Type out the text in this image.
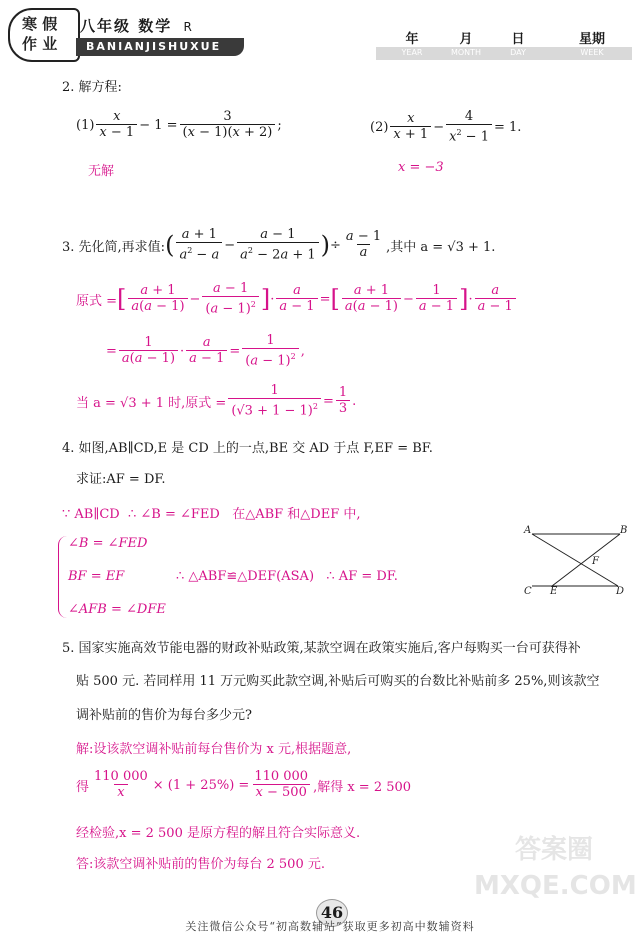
寒 假
作 业
八年级 数学 R
BANIANJISHUXUE	年	月	日	星期
YEAR	MONTH	DAY	WEEK
2. 解方程:
$(1) \frac{x}{x - 1} - 1 = \frac{3}{(x - 1)(x + 2)}$ ;	$(2) \frac{x}{x + 1} - \frac{4}{x^2 - 1} = 1$.
无解	x = −3
3. 先化简,再求值: ( $\frac{a + 1}{a^2 - a} - \frac{a - 1}{a^2 - 2a + 1}$ ) ÷ $\frac{a - 1}{a}$ ,其中 a = √3 + 1.
原式 = [ $\frac{a + 1}{a(a - 1)} - \frac{a - 1}{(a - 1)^2}$ ] · $\frac{a}{a - 1}$ = [ $\frac{a + 1}{a(a - 1)} - \frac{1}{a - 1}$ ] · $\frac{a}{a - 1}$
= $\frac{1}{a(a - 1)} \cdot \frac{a}{a - 1} = \frac{1}{(a - 1)^2}$ ,
当 a = √3 + 1 时,原式 = $\frac{1}{(√3 + 1 - 1)^2} = \frac{1}{3}$ .
4. 如图,AB∥CD,E 是 CD 上的一点,BE 交 AD 于点 F,EF = BF.
求证:AF = DF.
∵ AB∥CD  ∴ ∠B = ∠FED   在△ABF 和△DEF 中,
∠B = ∠FED
BF = EF
∠AFB = ∠DFE
∴ △ABF≌△DEF(ASA)   ∴ AF = DF.
A	B
F
C E	D
5. 国家实施高效节能电器的财政补贴政策,某款空调在政策实施后,客户每购买一台可获得补
贴 500 元. 若同样用 11 万元购买此款空调,补贴后可购买的台数比补贴前多 25%,则该款空
调补贴前的售价为每台多少元?
解:设该款空调补贴前每台售价为 x 元,根据题意,
得 $\frac{110 000}{x} \times (1 + 25\%) = \frac{110 000}{x - 500}$ ,解得 x = 2 500
经检验,x = 2 500 是原方程的解且符合实际意义.
答:该款空调补贴前的售价为每台 2 500 元.
46
关注微信公众号“初高数辅站”获取更多初高中数辅资料
答案圈 MXQE.COM
